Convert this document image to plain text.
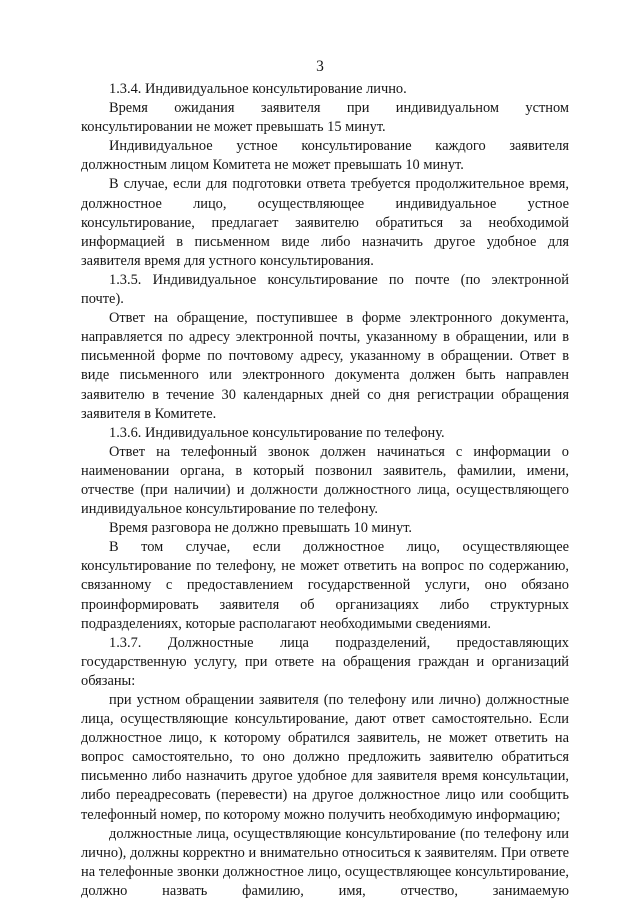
3

1.3.4. Индивидуальное консультирование лично.

Время ожидания заявителя при индивидуальном устном консультировании не может превышать 15 минут.

Индивидуальное устное консультирование каждого заявителя должностным лицом Комитета не может превышать 10 минут.

В случае, если для подготовки ответа требуется продолжительное время, должностное лицо, осуществляющее индивидуальное устное консультирование, предлагает заявителю обратиться за необходимой информацией в письменном виде либо назначить другое удобное для заявителя время для устного консультирования.

1.3.5. Индивидуальное консультирование по почте (по электронной почте).

Ответ на обращение, поступившее в форме электронного документа, направляется по адресу электронной почты, указанному в обращении, или в письменной форме по почтовому адресу, указанному в обращении. Ответ в виде письменного или электронного документа должен быть направлен заявителю в течение 30 календарных дней со дня регистрации обращения заявителя в Комитете.

1.3.6. Индивидуальное консультирование по телефону.

Ответ на телефонный звонок должен начинаться с информации о наименовании органа, в который позвонил заявитель, фамилии, имени, отчестве (при наличии) и должности должностного лица, осуществляющего индивидуальное консультирование по телефону.

Время разговора не должно превышать 10 минут.

В том случае, если должностное лицо, осуществляющее консультирование по телефону, не может ответить на вопрос по содержанию, связанному с предоставлением государственной услуги, оно обязано проинформировать заявителя об организациях либо структурных подразделениях, которые располагают необходимыми сведениями.

1.3.7. Должностные лица подразделений, предоставляющих государственную услугу, при ответе на обращения граждан и организаций обязаны:

при устном обращении заявителя (по телефону или лично) должностные лица, осуществляющие консультирование, дают ответ самостоятельно. Если должностное лицо, к которому обратился заявитель, не может ответить на вопрос самостоятельно, то оно должно предложить заявителю обратиться письменно либо назначить другое удобное для заявителя время консультации, либо переадресовать (перевести) на другое должностное лицо или сообщить телефонный номер, по которому можно получить необходимую информацию;

должностные лица, осуществляющие консультирование (по телефону или лично), должны корректно и внимательно относиться к заявителям. При ответе на телефонные звонки должностное лицо, осуществляющее консультирование, должно назвать фамилию, имя, отчество, занимаемую
